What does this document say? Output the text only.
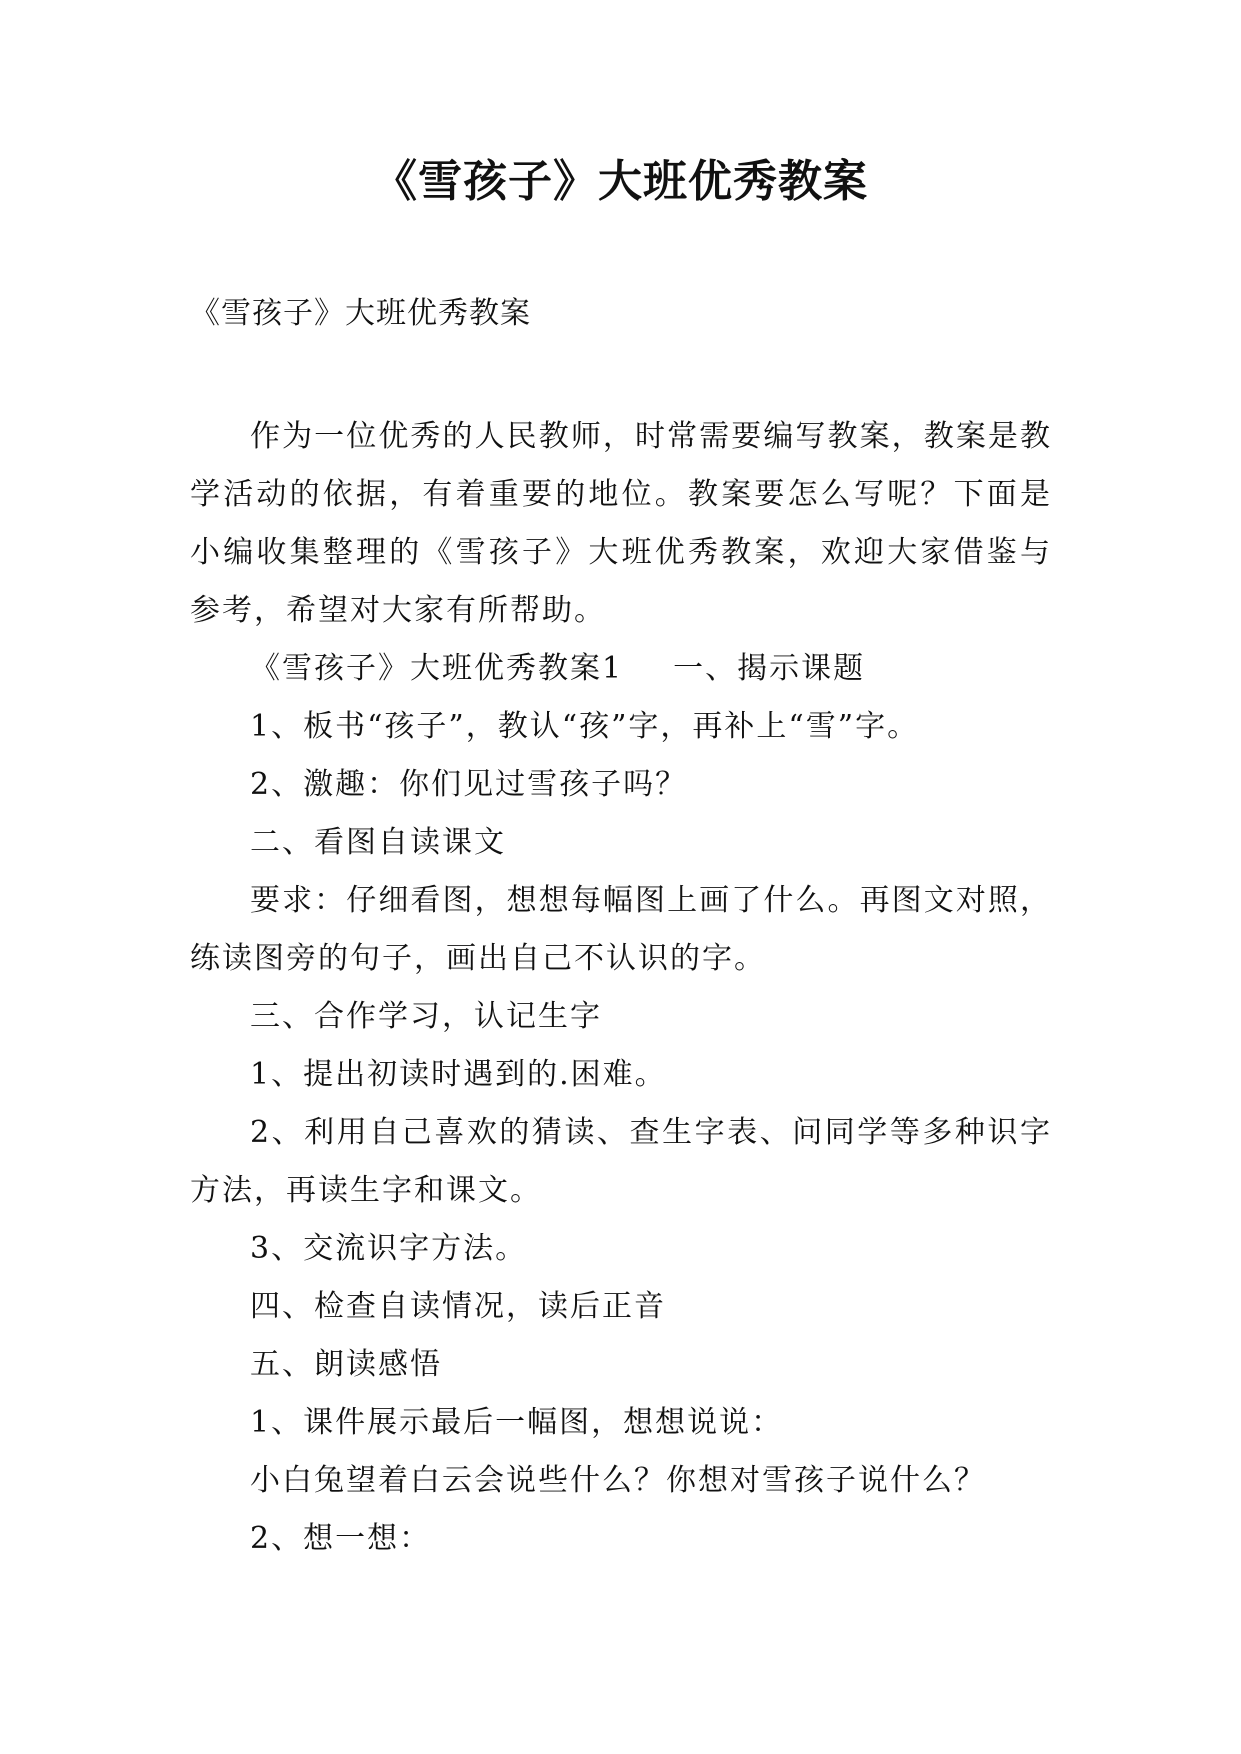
《雪孩子》大班优秀教案
《雪孩子》大班优秀教案

作为一位优秀的人民教师，时常需要编写教案，教案是教学活动的依据，有着重要的地位。教案要怎么写呢？下面是小编收集整理的《雪孩子》大班优秀教案，欢迎大家借鉴与参考，希望对大家有所帮助。

《雪孩子》大班优秀教案1 一、揭示课题

1、板书“孩子”，教认“孩”字，再补上“雪”字。

2、激趣：你们见过雪孩子吗？

二、看图自读课文

要求：仔细看图，想想每幅图上画了什么。再图文对照，练读图旁的句子，画出自己不认识的字。

三、合作学习，认记生字

1、提出初读时遇到的.困难。

2、利用自己喜欢的猜读、查生字表、问同学等多种识字方法，再读生字和课文。

3、交流识字方法。

四、检查自读情况，读后正音

五、朗读感悟

1、课件展示最后一幅图，想想说说：

小白兔望着白云会说些什么？你想对雪孩子说什么？

2、想一想：
